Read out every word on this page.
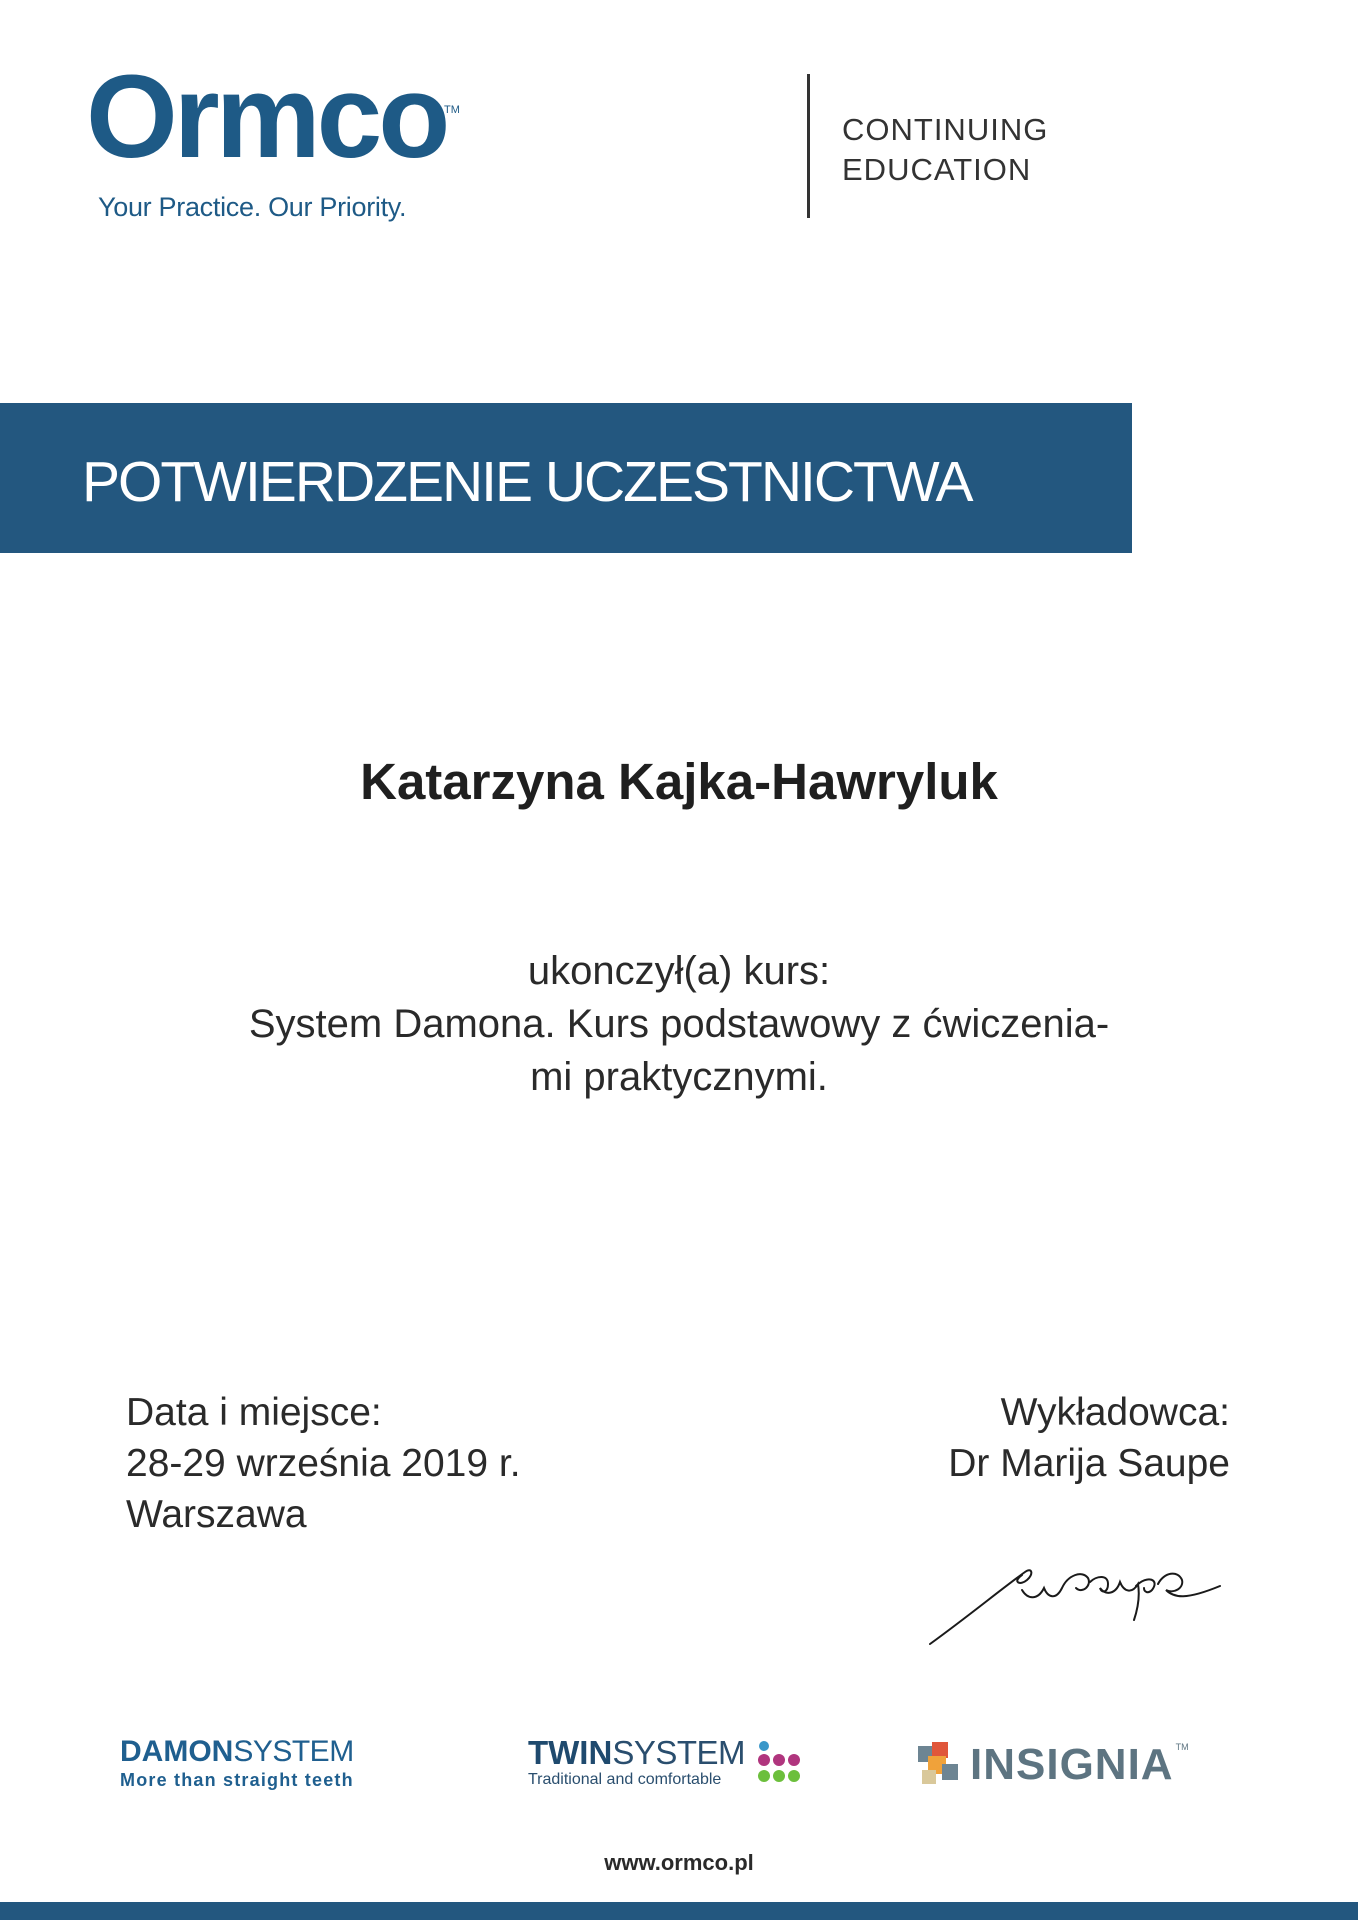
Ormco
TM
Your Practice. Our Priority.
CONTINUING
EDUCATION
POTWIERDZENIE UCZESTNICTWA
Katarzyna Kajka-Hawryluk
ukonczył(a) kurs:
System Damona. Kurs podstawowy z ćwiczenia-
mi praktycznymi.
Data i miejsce:
28-29 września 2019 r.
Warszawa
Wykładowca:
Dr Marija Saupe
DAMONSYSTEM
More than straight teeth
TWIN SYSTEM
Traditional and comfortable	INSIGNIA TM
www.ormco.pl
